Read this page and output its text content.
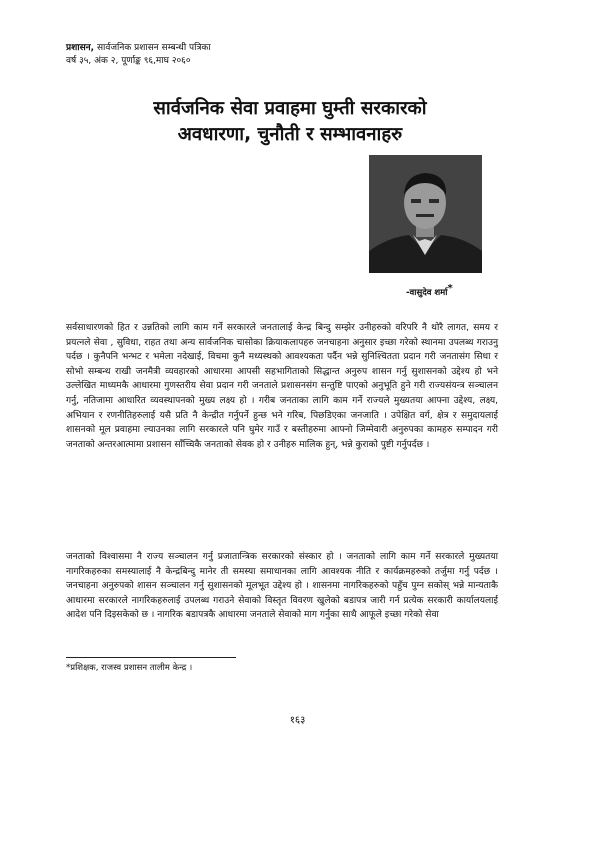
प्रशासन, सार्वजनिक प्रशासन सम्बन्धी पत्रिका
वर्ष ३५, अंक २, पूर्णाङ्क ९६,माघ २०६०
सार्वजनिक सेवा प्रवाहमा घुम्ती सरकारको
अवधारणा, चुनौती र सम्भावनाहरु
-वासुदेव शर्मा*
सर्वसाधारणको हित र उन्नतिको लागि काम गर्ने सरकारले जनतालाई केन्द्र बिन्दु सम्झेर उनीहरुको वरिपरि नै थोरै लागत, समय र प्रयत्नले सेवा , सुविधा, राहत तथा अन्य सार्वजनिक चासोका क्रियाकलापहरु जनचाहना अनुसार इच्छा गरेको स्थानमा उपलब्ध गराउनु पर्दछ । कुनैपनि भन्भट र भमेला नदेखाई, विचमा कुनै मध्यस्थको आवश्यकता पर्दैन भन्ने सुनिश्चितता प्रदान गरी जनतासंग सिधा र सोभो सम्बन्ध राखी जनमैत्री व्यवहारको आधारमा आपसी सहभागिताको सिद्धान्त अनुरुप शासन गर्नु सुशासनको उद्देश्य हो भने उल्लेखित माध्यमकै आधारमा गुणस्तरीय सेवा प्रदान गरी जनताले प्रशासनसंग सन्तुष्टि पाएको अनुभूति हुने गरी राज्यसंयन्त्र सञ्चालन गर्नु, नतिजामा आधारित व्यवस्थापनको मुख्य लक्ष्य हो । गरीब जनताका लागि काम गर्ने राज्यले मुख्यतया आफ्ना उद्देश्य, लक्ष्य, अभियान र रणनीतिहरुलाई यसै प्रति नै केन्द्रीत गर्नुपर्ने हुन्छ भने गरिब, पिछडिएका जनजाति । उपेक्षित वर्ग, क्षेत्र र समुदायलाई शासनको मूल प्रवाहमा ल्याउनका लागि सरकारले पनि घुमेर गाउँ र बस्तीहरुमा आफ्नो जिम्मेवारी अनुरुपका कामहरु सम्पादन गरी जनताको अन्तरआत्मामा प्रशासन साँच्चिकै जनताको सेवक हो र उनीहरु मालिक हुन्, भन्ने कुराको पुष्टी गर्नुपर्दछ ।
जनताको विश्वासमा नै राज्य सञ्चालन गर्नु प्रजातान्त्रिक सरकारको संस्कार हो । जनताको लागि काम गर्ने सरकारले मुख्यतया नागरिकहरुका समस्यालाई नै केन्द्रबिन्दु मानेर ती समस्या समाधानका लागि आवश्यक नीति र कार्यक्रमहरुको तर्जुमा गर्नु पर्दछ । जनचाहना अनुरुपको शासन सञ्चालन गर्नु सुशासनको मूलभूत उद्देश्य हो । शासनमा नागरिकहरुको पहुँच पुग्न सकोस् भन्ने मान्यताकै आधारमा सरकारले नागरिकहरुलाई उपलब्ध गराउने सेवाको विस्तृत विवरण खुलेको बडापत्र जारी गर्न प्रत्येक सरकारी कार्यालयलाई आदेश पनि दिइसकेको छ । नागरिक बडापत्रकै आधारमा जनताले सेवाको माग गर्नुका साथै आफूले इच्छा गरेको सेवा
*प्रशिक्षक, राजस्व प्रशासन तालीम केन्द्र ।
१६३
